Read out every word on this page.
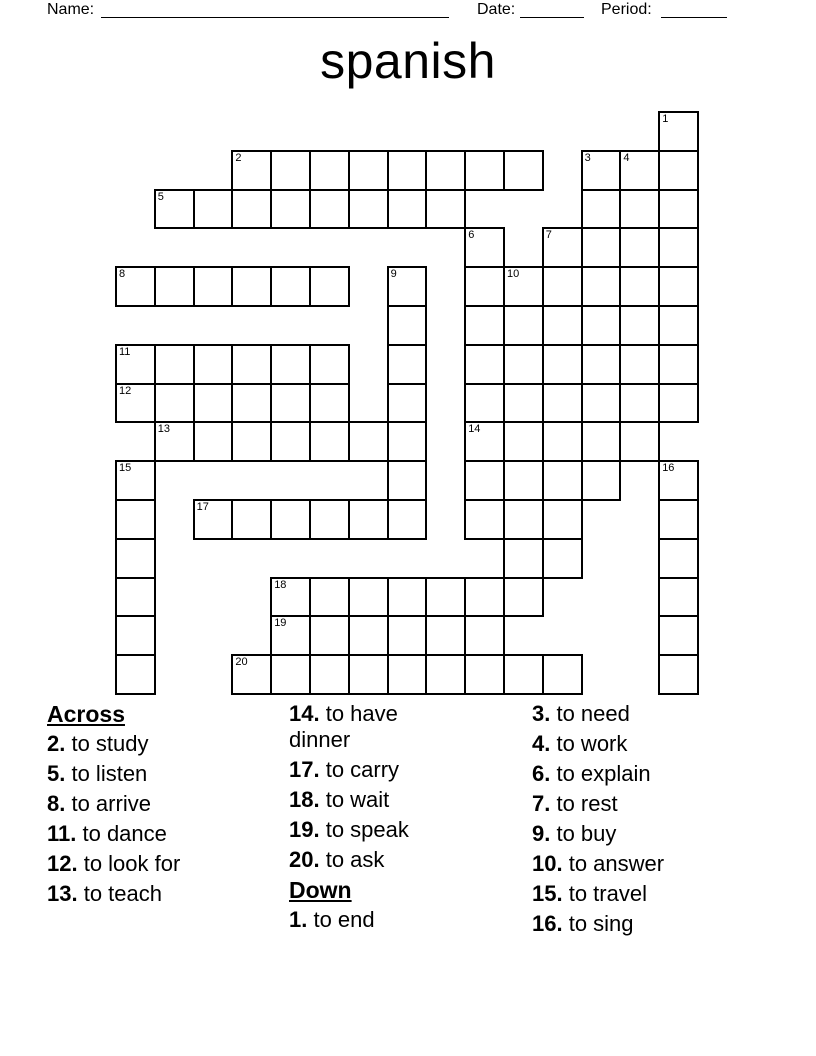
Name:	Date:	Period:
spanish
1
2	3	4
5
6	7
8	9	10
11
12
13	14
15	16
17
18
19
20
Across
2. to study
5. to listen
8. to arrive
11. to dance
12. to look for
13. to teach
14. to have dinner
17. to carry
18. to wait
19. to speak
20. to ask
Down
1. to end
3. to need
4. to work
6. to explain
7. to rest
9. to buy
10. to answer
15. to travel
16. to sing
